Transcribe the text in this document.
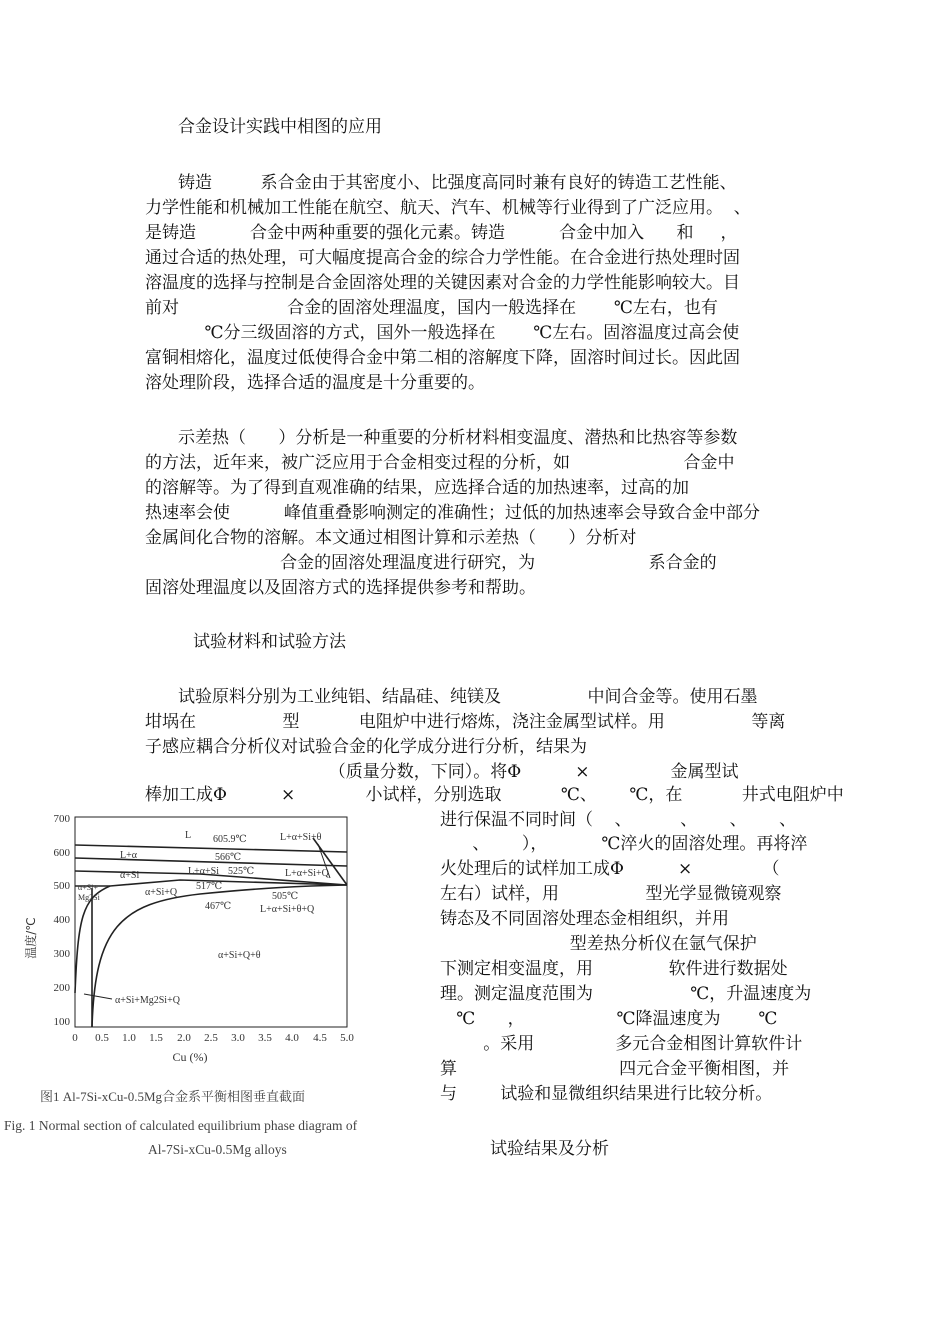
合金设计实践中相图的应用
铸造         系合金由于其密度小、比强度高同时兼有良好的铸造工艺性能、
力学性能和机械加工性能在航空、航天、汽车、机械等行业得到了广泛应用。  、
是铸造          合金中两种重要的强化元素。铸造          合金中加入      和     ，
通过合适的热处理，可大幅度提高合金的综合力学性能。在合金进行热处理时固
溶温度的选择与控制是合金固溶处理的关键因素对合金的力学性能影响较大。目
前对                    合金的固溶处理温度，国内一般选择在       ℃左右，也有
℃分三级固溶的方式，国外一般选择在       ℃左右。固溶温度过高会使
富铜相熔化，温度过低使得合金中第二相的溶解度下降，固溶时间过长。因此固
溶处理阶段，选择合适的温度是十分重要的。
示差热（      ）分析是一种重要的分析材料相变温度、潜热和比热容等参数
的方法，近年来，被广泛应用于合金相变过程的分析，如                     合金中
的溶解等。为了得到直观准确的结果，应选择合适的加热速率，过高的加
热速率会使          峰值重叠影响测定的准确性；过低的加热速率会导致合金中部分
金属间化合物的溶解。本文通过相图计算和示差热（      ）分析对
合金的固溶处理温度进行研究，为                     系合金的
固溶处理温度以及固溶方式的选择提供参考和帮助。
试验材料和试验方法
试验原料分别为工业纯铝、结晶硅、纯镁及                中间合金等。使用石墨
坩埚在                型           电阻炉中进行熔炼，浇注金属型试样。用                等离
子感应耦合分析仪对试验合金的化学成分进行分析，结果为
（质量分数，下同）。将Φ          ×               金属型试
棒加工成Φ          ×             小试样，分别选取           ℃、      ℃，在           井式电阻炉中
进行保温不同时间（    、         、      、      、
、      ），          ℃淬火的固溶处理。再将淬
火处理后的试样加工成Φ          ×             （
左右）试样，用                型光学显微镜观察
铸态及不同固溶处理态金相组织，并用
型差热分析仪在氩气保护
下测定相变温度，用              软件进行数据处
理。测定温度范围为                  ℃，升温速度为
℃      ，                 ℃降温速度为       ℃
。采用               多元合金相图计算软件计
算                              四元合金平衡相图，并
与        试验和显微组织结果进行比较分析。
试验结果及分析
700
600
500
400
300
200
100
温度/℃
0 0.5 1.0 1.5 2.0 2.5 3.0 3.5 4.0 4.5 5.0
Cu (%)
L 605.9℃	L+α+Si+θ
L+α	566℃
L+α+Si 525℃	L+α+Si+Q
α+Si
517℃
α+Si+Q
α+Si+
Mg2Si	505℃
467℃	L+α+Si+θ+Q
α+Si+Q+θ
α+Si+Mg2Si+Q
图1 Al-7Si-xCu-0.5Mg合金系平衡相图垂直截面
Fig. 1 Normal section of calculated equilibrium phase diagram of
Al-7Si-xCu-0.5Mg alloys
